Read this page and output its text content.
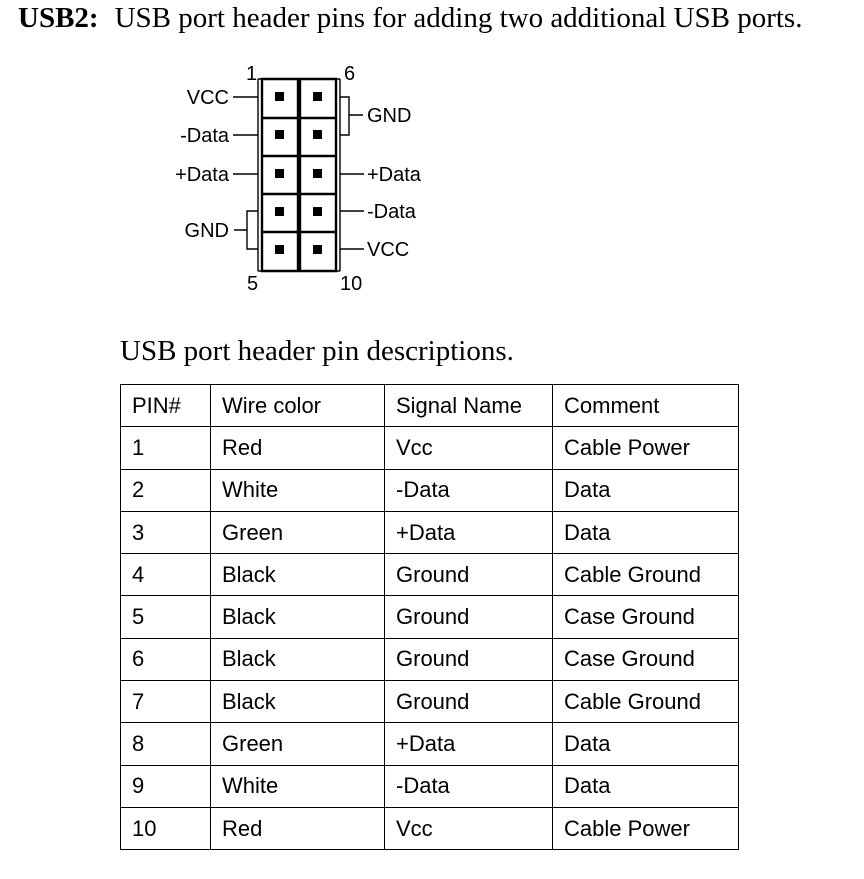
USB2: USB port header pins for adding two additional USB ports.
1	6
5	10
VCC
-Data
+Data
GND
GND
+Data
-Data
VCC
USB port header pin descriptions.
PIN#	Wire color	Signal Name	Comment
1	Red	Vcc	Cable Power
2	White	-Data	Data
3	Green	+Data	Data
4	Black	Ground	Cable Ground
5	Black	Ground	Case Ground
6	Black	Ground	Case Ground
7	Black	Ground	Cable Ground
8	Green	+Data	Data
9	White	-Data	Data
10	Red	Vcc	Cable Power
